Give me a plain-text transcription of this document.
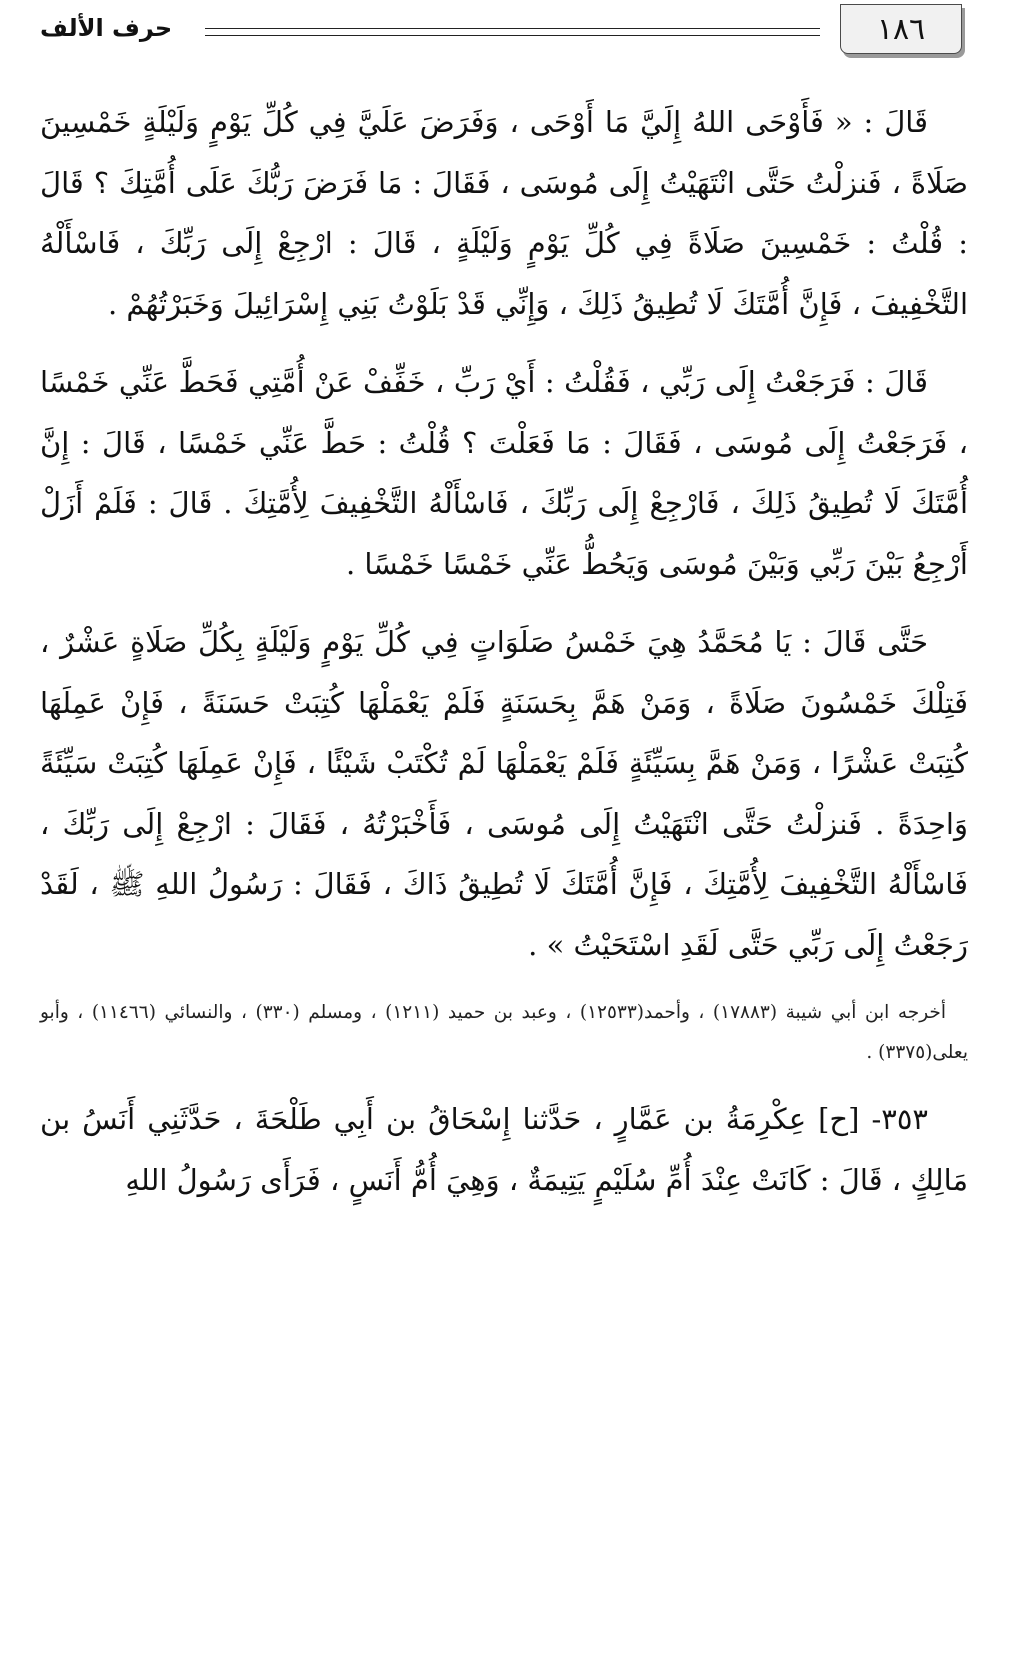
١٨٦
حرف الألف

قَالَ : « فَأَوْحَى اللهُ إِلَيَّ مَا أَوْحَى ، وَفَرَضَ عَلَيَّ فِي كُلِّ يَوْمٍ وَلَيْلَةٍ خَمْسِينَ صَلَاةً ، فَنزلْتُ حَتَّى انْتَهَيْتُ إِلَى مُوسَى ، فَقَالَ : مَا فَرَضَ رَبُّكَ عَلَى أُمَّتِكَ ؟ قَالَ : قُلْتُ : خَمْسِينَ صَلَاةً فِي كُلِّ يَوْمٍ وَلَيْلَةٍ ، قَالَ : ارْجِعْ إِلَى رَبِّكَ ، فَاسْأَلْهُ التَّخْفِيفَ ، فَإِنَّ أُمَّتَكَ لَا تُطِيقُ ذَلِكَ ، وَإِنِّي قَدْ بَلَوْتُ بَنِي إِسْرَائِيلَ وَخَبَرْتُهُمْ .

قَالَ : فَرَجَعْتُ إِلَى رَبِّي ، فَقُلْتُ : أَيْ رَبِّ ، خَفِّفْ عَنْ أُمَّتِي فَحَطَّ عَنِّي خَمْسًا ، فَرَجَعْتُ إِلَى مُوسَى ، فَقَالَ : مَا فَعَلْتَ ؟ قُلْتُ : حَطَّ عَنِّي خَمْسًا ، قَالَ : إِنَّ أُمَّتَكَ لَا تُطِيقُ ذَلِكَ ، فَارْجِعْ إِلَى رَبِّكَ ، فَاسْأَلْهُ التَّخْفِيفَ لِأُمَّتِكَ . قَالَ : فَلَمْ أَزَلْ أَرْجِعُ بَيْنَ رَبِّي وَبَيْنَ مُوسَى وَيَحُطُّ عَنِّي خَمْسًا خَمْسًا .

حَتَّى قَالَ : يَا مُحَمَّدُ هِيَ خَمْسُ صَلَوَاتٍ فِي كُلِّ يَوْمٍ وَلَيْلَةٍ بِكُلِّ صَلَاةٍ عَشْرٌ ، فَتِلْكَ خَمْسُونَ صَلَاةً ، وَمَنْ هَمَّ بِحَسَنَةٍ فَلَمْ يَعْمَلْهَا كُتِبَتْ حَسَنَةً ، فَإِنْ عَمِلَهَا كُتِبَتْ عَشْرًا ، وَمَنْ هَمَّ بِسَيِّئَةٍ فَلَمْ يَعْمَلْهَا لَمْ تُكْتَبْ شَيْئًا ، فَإِنْ عَمِلَهَا كُتِبَتْ سَيِّئَةً وَاحِدَةً . فَنزلْتُ حَتَّى انْتَهَيْتُ إِلَى مُوسَى ، فَأَخْبَرْتُهُ ، فَقَالَ : ارْجِعْ إِلَى رَبِّكَ ، فَاسْأَلْهُ التَّخْفِيفَ لِأُمَّتِكَ ، فَإِنَّ أُمَّتَكَ لَا تُطِيقُ ذَاكَ ، فَقَالَ : رَسُولُ اللهِ ﷺ ، لَقَدْ رَجَعْتُ إِلَى رَبِّي حَتَّى لَقَدِ اسْتَحَيْتُ » .

أخرجه ابن أبي شيبة (١٧٨٨٣) ، وأحمد(١٢٥٣٣) ، وعبد بن حميد (١٢١١) ، ومسلم (٣٣٠) ، والنسائي (١١٤٦٦) ، وأبو يعلى(٣٣٧٥) .

٣٥٣- [ح] عِكْرِمَةُ بن عَمَّارٍ ، حَدَّثنا إِسْحَاقُ بن أَبِي طَلْحَةَ ، حَدَّثَنِي أَنَسُ بن مَالِكٍ ، قَالَ : كَانَتْ عِنْدَ أُمِّ سُلَيْمٍ يَتِيمَةٌ ، وَهِيَ أُمُّ أَنَسٍ ، فَرَأَى رَسُولُ اللهِ
